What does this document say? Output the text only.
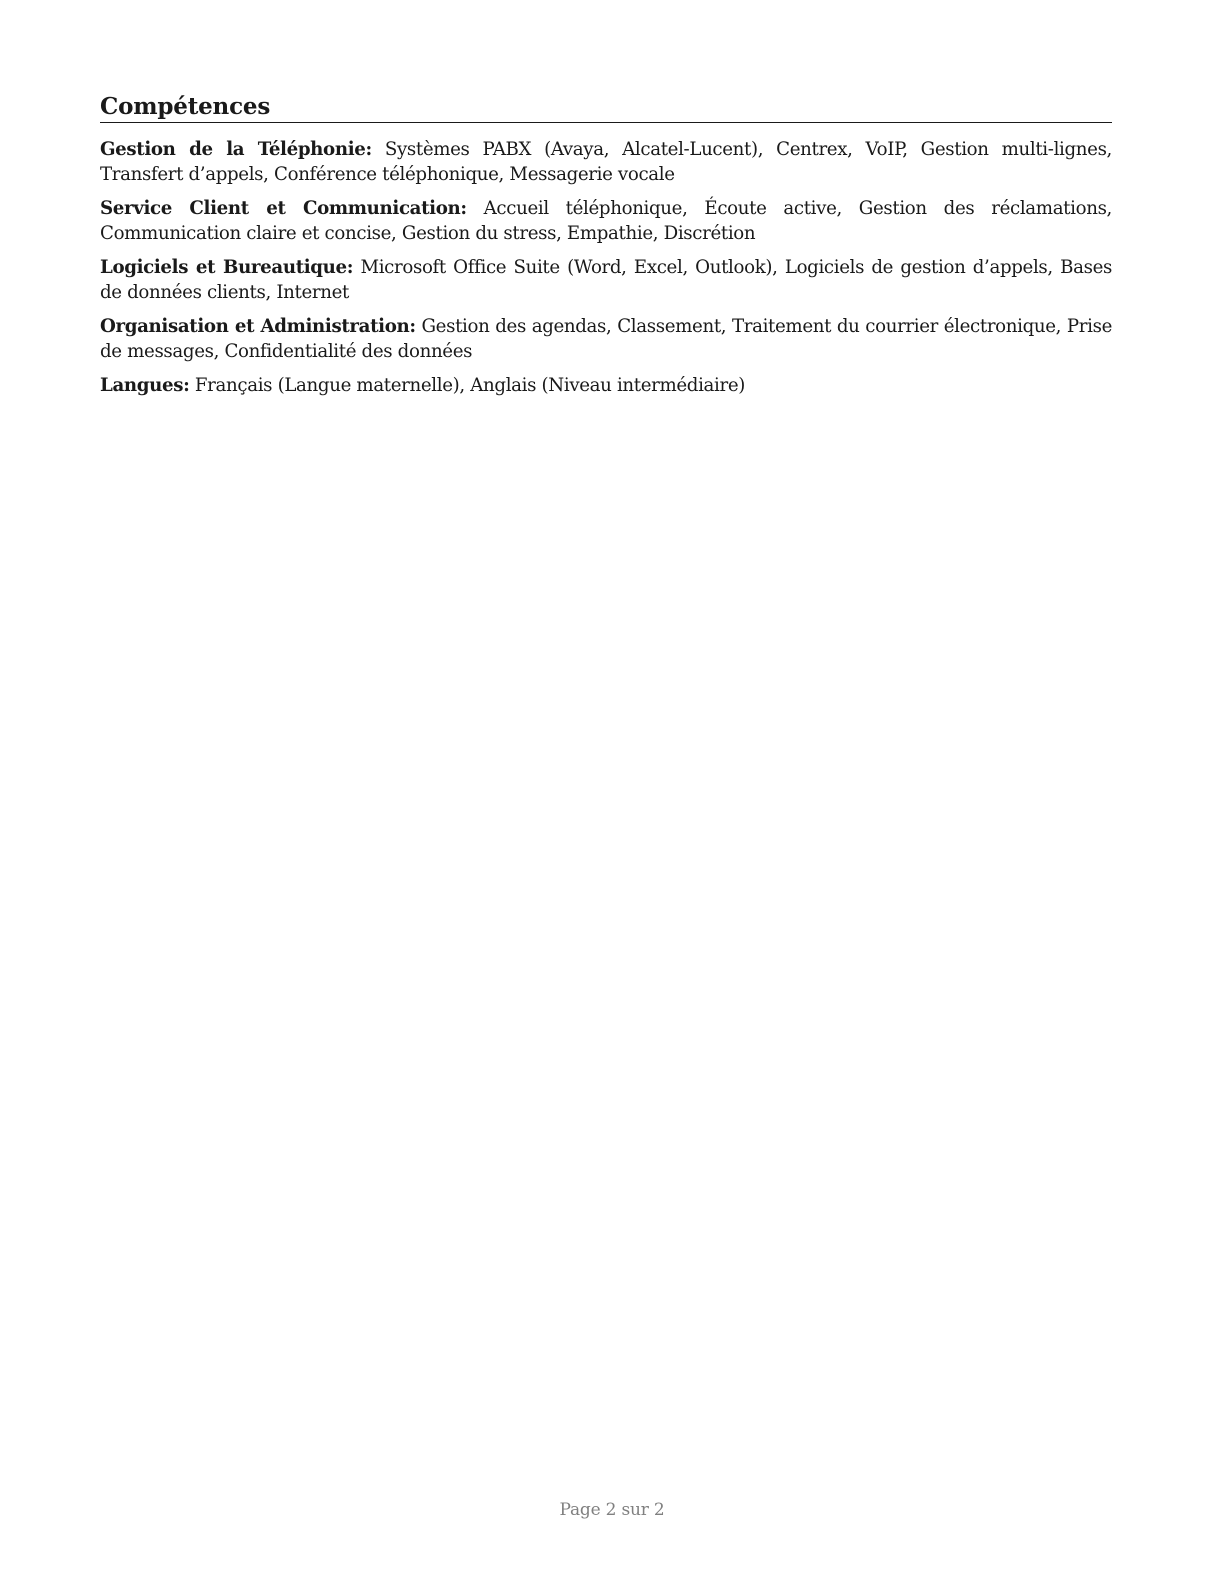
Compétences

Gestion de la Téléphonie: Systèmes PABX (Avaya, Alcatel-Lucent), Centrex, VoIP, Gestion multi-lignes, Transfert d’appels, Conférence téléphonique, Messagerie vocale

Service Client et Communication: Accueil téléphonique, Écoute active, Gestion des réclamations, Communication claire et concise, Gestion du stress, Empathie, Discrétion

Logiciels et Bureautique: Microsoft Office Suite (Word, Excel, Outlook), Logiciels de gestion d’appels, Bases de données clients, Internet

Organisation et Administration: Gestion des agendas, Classement, Traitement du courrier électronique, Prise de messages, Confidentialité des données

Langues: Français (Langue maternelle), Anglais (Niveau intermédiaire)

Page 2 sur 2
